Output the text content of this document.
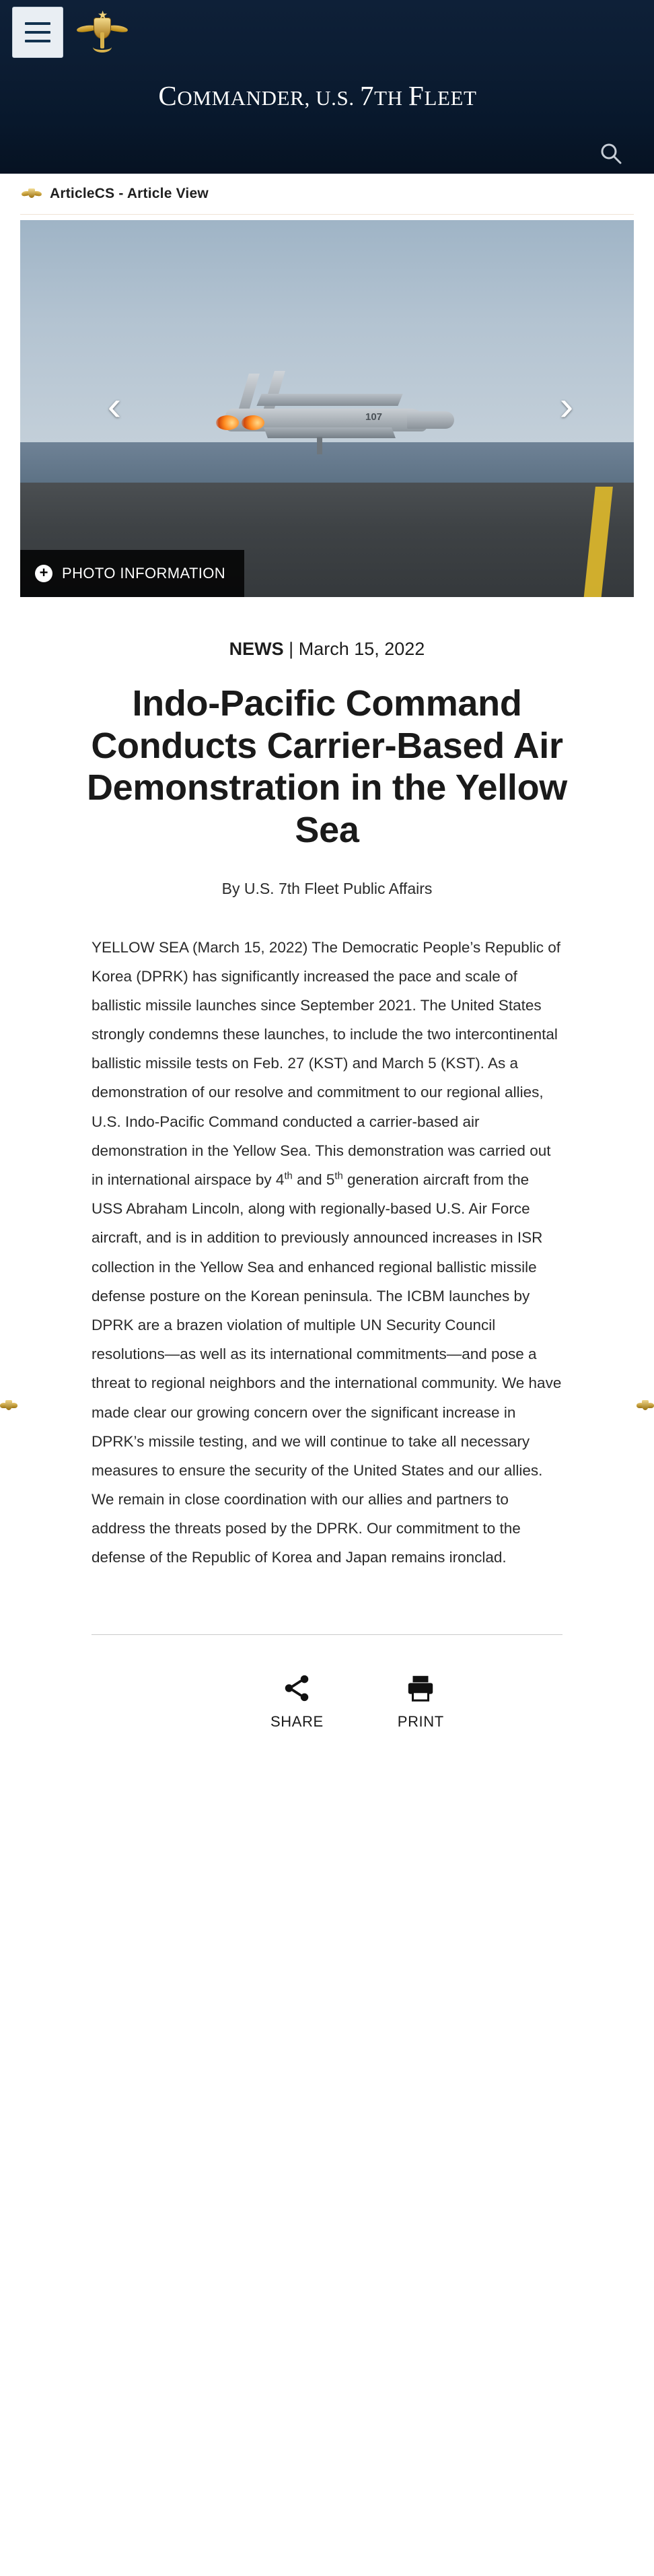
★
COMMANDER, U.S. 7TH FLEET
ArticleCS - Article View
107
‹	›
+ PHOTO INFORMATION
NEWS | March 15, 2022
Indo-Pacific Command Conducts Carrier-Based Air Demonstration in the Yellow Sea
By U.S. 7th Fleet Public Affairs
YELLOW SEA (March 15, 2022) The Democratic People’s Republic of Korea (DPRK) has significantly increased the pace and scale of ballistic missile launches since September 2021. The United States strongly condemns these launches, to include the two intercontinental ballistic missile tests on Feb. 27 (KST) and March 5 (KST). As a demonstration of our resolve and commitment to our regional allies, U.S. Indo-Pacific Command conducted a carrier-based air demonstration in the Yellow Sea. This demonstration was carried out in international airspace by 4th and 5th generation aircraft from the USS Abraham Lincoln, along with regionally-based U.S. Air Force aircraft, and is in addition to previously announced increases in ISR collection in the Yellow Sea and enhanced regional ballistic missile defense posture on the Korean peninsula. The ICBM launches by DPRK are a brazen violation of multiple UN Security Council resolutions—as well as its international commitments—and pose a threat to regional neighbors and the international community. We have made clear our growing concern over the significant increase in DPRK’s missile testing, and we will continue to take all necessary measures to ensure the security of the United States and our allies. We remain in close coordination with our allies and partners to address the threats posed by the DPRK. Our commitment to the defense of the Republic of Korea and Japan remains ironclad.
SHARE	PRINT
